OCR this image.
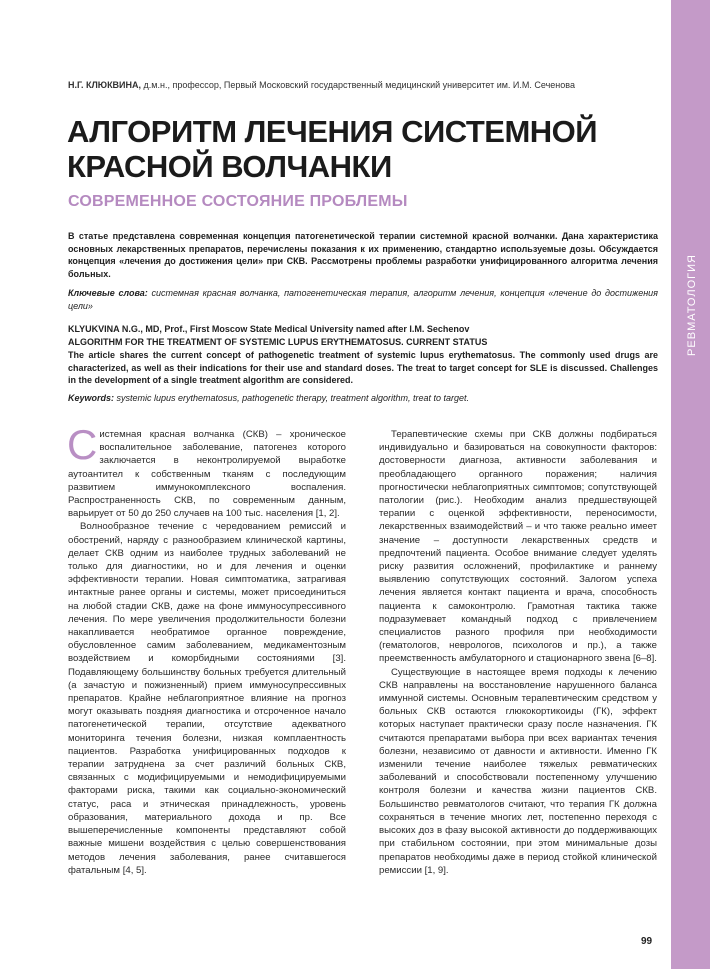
РЕВМАТОЛОГИЯ
Н.Г. КЛЮКВИНА, д.м.н., профессор, Первый Московский государственный медицинский университет им. И.М. Сеченова
АЛГОРИТМ ЛЕЧЕНИЯ СИСТЕМНОЙ КРАСНОЙ ВОЛЧАНКИ
СОВРЕМЕННОЕ СОСТОЯНИЕ ПРОБЛЕМЫ
В статье представлена современная концепция патогенетической терапии системной красной волчанки. Дана характеристика основных лекарственных препаратов, перечислены показания к их применению, стандартно используемые дозы. Обсуждается концепция «лечения до достижения цели» при СКВ. Рассмотрены проблемы разработки унифицированного алгоритма лечения больных.
Ключевые слова: системная красная волчанка, патогенетическая терапия, алгоритм лечения, концепция «лечение до достижения цели»
KLYUKVINA N.G., MD, Prof., First Moscow State Medical University named after I.M. Sechenov
ALGORITHM FOR THE TREATMENT OF SYSTEMIC LUPUS ERYTHEMATOSUS. CURRENT STATUS
The article shares the current concept of pathogenetic treatment of systemic lupus erythematosus. The commonly used drugs are characterized, as well as their indications for their use and standard doses. The treat to target concept for SLE is discussed. Challenges in the development of a single treatment algorithm are considered.
Keywords: systemic lupus erythematosus, pathogenetic therapy, treatment algorithm, treat to target.

Системная красная волчанка (СКВ) – хроническое воспалительное заболевание, патогенез которого заключается в неконтролируемой выработке аутоантител к собственным тканям с последующим развитием иммунокомплексного воспаления. Распространенность СКВ, по современным данным, варьирует от 50 до 250 случаев на 100 тыс. населения [1, 2].

Волнообразное течение с чередованием ремиссий и обострений, наряду с разнообразием клинической картины, делает СКВ одним из наиболее трудных заболеваний не только для диагностики, но и для лечения и оценки эффективности терапии. Новая симптоматика, затрагивая интактные ранее органы и системы, может присоединиться на любой стадии СКВ, даже на фоне иммуносупрессивного лечения. По мере увеличения продолжительности болезни накапливается необратимое органное повреждение, обусловленное самим заболеванием, медикаментозным воздействием и коморбидными состояниями [3]. Подавляющему большинству больных требуется длительный (а зачастую и пожизненный) прием иммуносупрессивных препаратов. Крайне неблагоприятное влияние на прогноз могут оказывать поздняя диагностика и отсроченное начало патогенетической терапии, отсутствие адекватного мониторинга течения болезни, низкая комплаентность пациентов. Разработка унифицированных подходов к терапии затруднена за счет различий больных СКВ, связанных с модифицируемыми и немодифицируемыми факторами риска, такими как социально-экономический статус, раса и этническая принадлежность, уровень образования, материального дохода и пр. Все вышеперечисленные компоненты представляют собой важные мишени воздействия с целью совершенствования методов лечения заболевания, ранее считавшегося фатальным [4, 5].

Терапевтические схемы при СКВ должны подбираться индивидуально и базироваться на совокупности факторов: достоверности диагноза, активности заболевания и преобладающего органного поражения; наличия прогностически неблагоприятных симптомов; сопутствующей патологии (рис.). Необходим анализ предшествующей терапии с оценкой эффективности, переносимости, лекарственных взаимодействий – и что также реально имеет значение – доступности лекарственных средств и предпочтений пациента. Особое внимание следует уделять риску развития осложнений, профилактике и раннему выявлению сопутствующих состояний. Залогом успеха лечения является контакт пациента и врача, способность пациента к самоконтролю. Грамотная тактика также подразумевает командный подход с привлечением специалистов разного профиля при необходимости (гематологов, неврологов, психологов и пр.), а также преемственность амбулаторного и стационарного звена [6–8].

Существующие в настоящее время подходы к лечению СКВ направлены на восстановление нарушенного баланса иммунной системы. Основным терапевтическим средством у больных СКВ остаются глюкокортикоиды (ГК), эффект которых наступает практически сразу после назначения. ГК считаются препаратами выбора при всех вариантах течения болезни, независимо от давности и активности. Именно ГК изменили течение наиболее тяжелых ревматических заболеваний и способствовали постепенному улучшению контроля болезни и качества жизни пациентов СКВ. Большинство ревматологов считают, что терапия ГК должна сохраняться в течение многих лет, постепенно переходя с высоких доз в фазу высокой активности до поддерживающих при стабильном состоянии, при этом минимальные дозы препаратов необходимы даже в период стойкой клинической ремиссии [1, 9].

99
